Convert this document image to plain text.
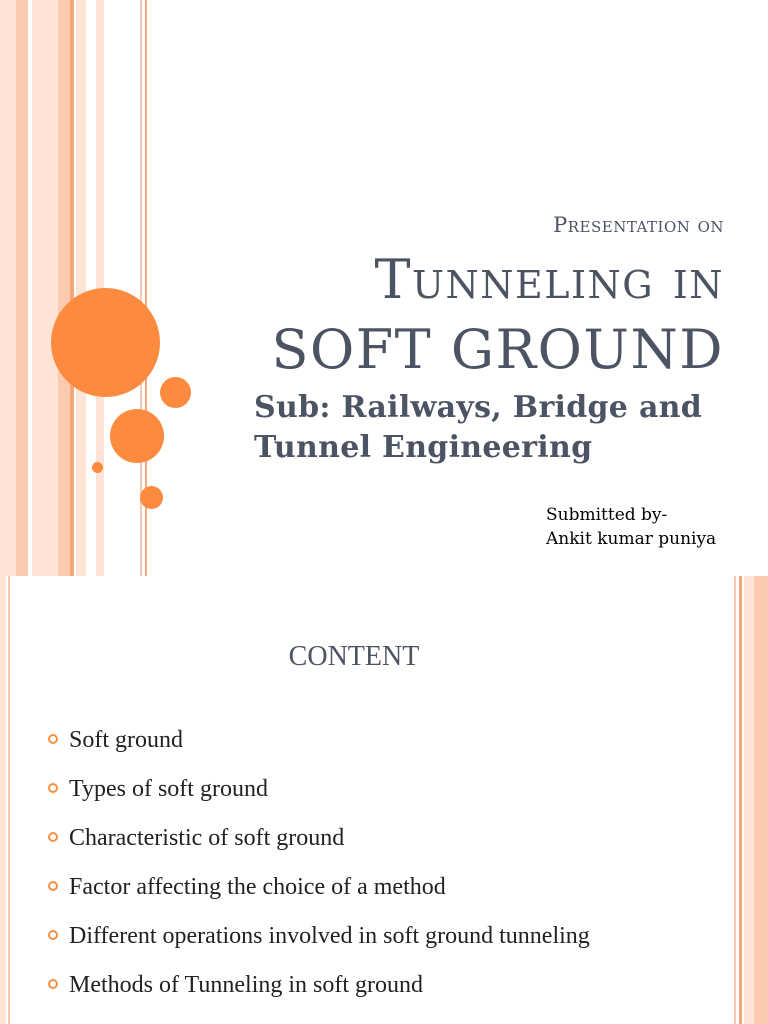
Presentation on
Tunneling in
SOFT GROUND
Sub: Railways, Bridge and
Tunnel Engineering
Submitted by-
Ankit kumar puniya
CONTENT
Soft ground
Types of soft ground
Characteristic of soft ground
Factor affecting the choice of a method
Different operations involved in soft ground tunneling
Methods of Tunneling in soft ground
